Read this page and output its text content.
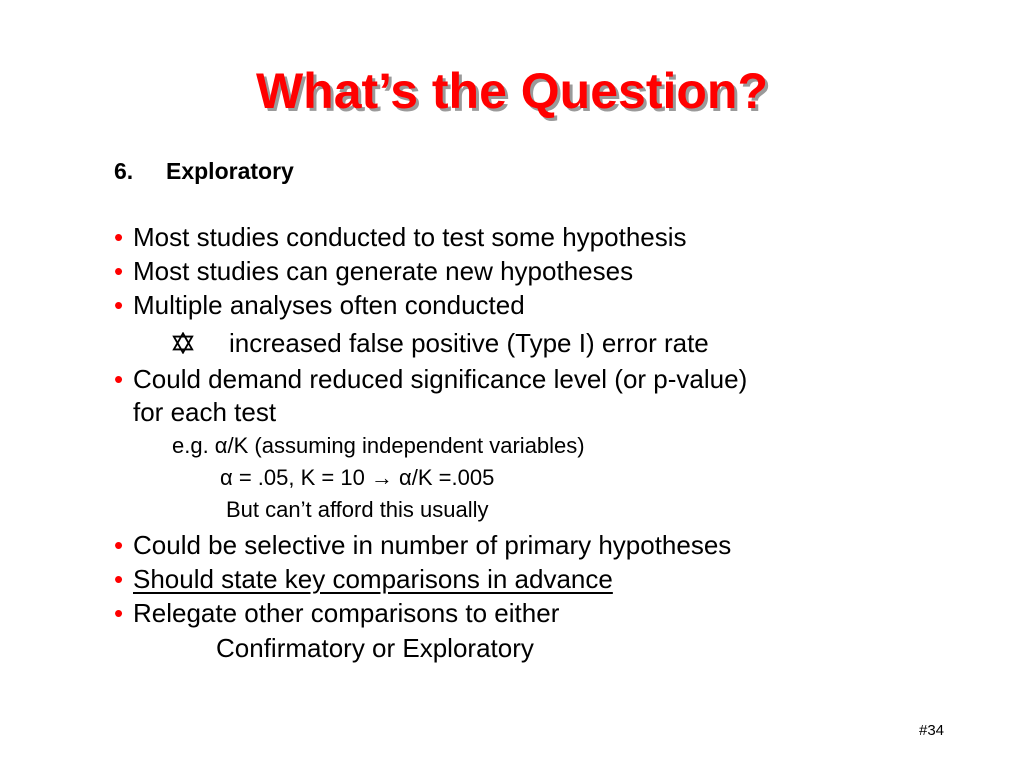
What’s the Question?
6. Exploratory
• Most studies conducted to test some hypothesis
• Most studies can generate new hypotheses
• Multiple analyses often conducted
increased false positive (Type I) error rate
• Could demand reduced significance level (or p-value)
for each test
e.g. α/K (assuming independent variables)
α = .05, K = 10 → α/K =.005
But can’t afford this usually
• Could be selective in number of primary hypotheses
• Should state key comparisons in advance
• Relegate other comparisons to either
Confirmatory or Exploratory
#34
